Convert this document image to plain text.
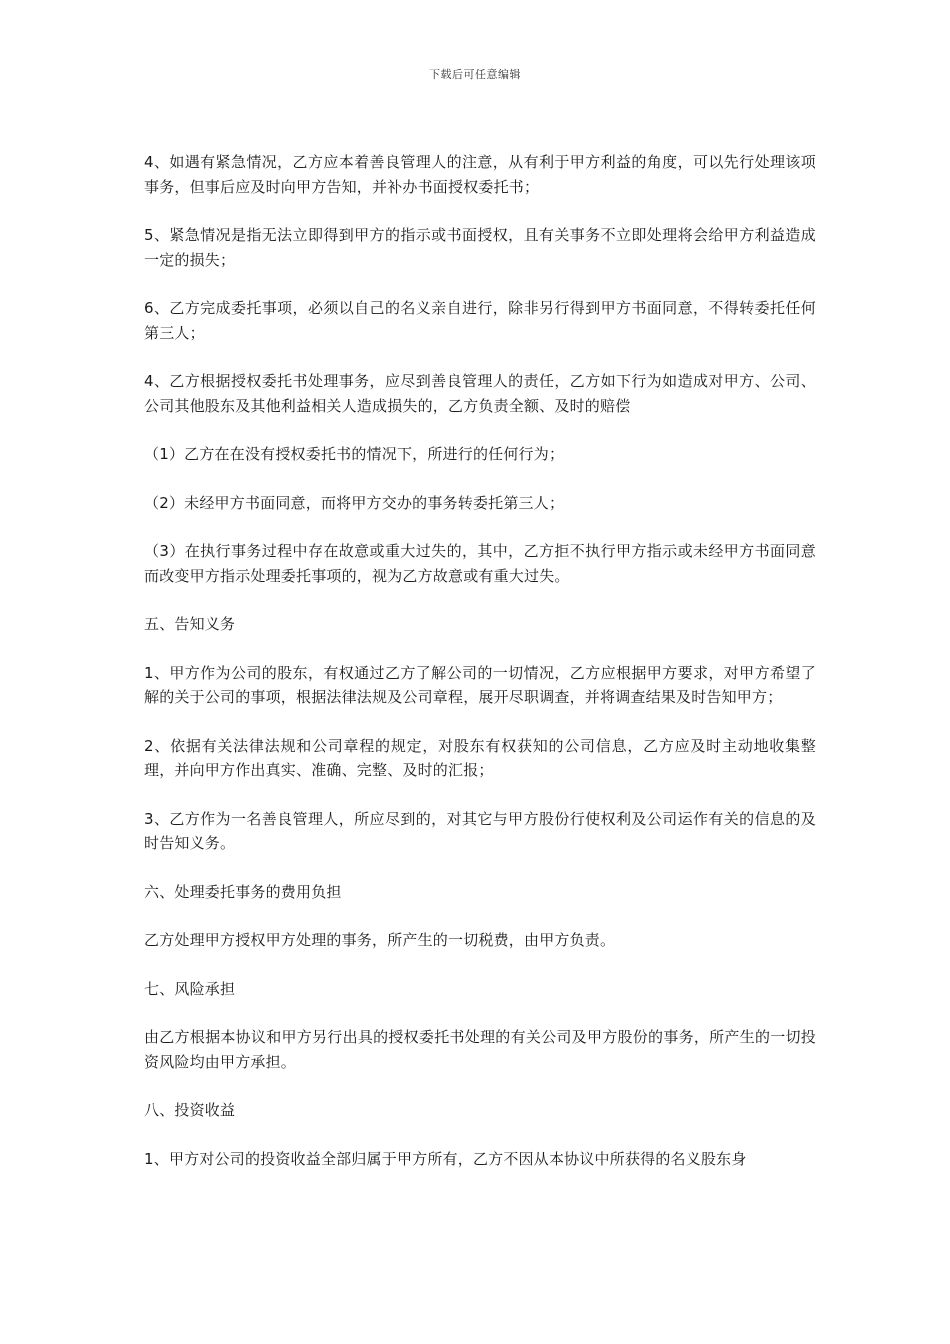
下载后可任意编辑

4、如遇有紧急情况，乙方应本着善良管理人的注意，从有利于甲方利益的角度，可以先行处理该项事务，但事后应及时向甲方告知，并补办书面授权委托书；

5、紧急情况是指无法立即得到甲方的指示或书面授权，且有关事务不立即处理将会给甲方利益造成一定的损失；

6、乙方完成委托事项，必须以自己的名义亲自进行，除非另行得到甲方书面同意，不得转委托任何第三人；

4、乙方根据授权委托书处理事务，应尽到善良管理人的责任，乙方如下行为如造成对甲方、公司、公司其他股东及其他利益相关人造成损失的，乙方负责全额、及时的赔偿

（1）乙方在在没有授权委托书的情况下，所进行的任何行为；

（2）未经甲方书面同意，而将甲方交办的事务转委托第三人；

（3）在执行事务过程中存在故意或重大过失的，其中，乙方拒不执行甲方指示或未经甲方书面同意而改变甲方指示处理委托事项的，视为乙方故意或有重大过失。

五、告知义务

1、甲方作为公司的股东，有权通过乙方了解公司的一切情况，乙方应根据甲方要求，对甲方希望了解的关于公司的事项，根据法律法规及公司章程，展开尽职调查，并将调查结果及时告知甲方；

2、依据有关法律法规和公司章程的规定，对股东有权获知的公司信息，乙方应及时主动地收集整理，并向甲方作出真实、准确、完整、及时的汇报；

3、乙方作为一名善良管理人，所应尽到的，对其它与甲方股份行使权利及公司运作有关的信息的及时告知义务。

六、处理委托事务的费用负担

乙方处理甲方授权甲方处理的事务，所产生的一切税费，由甲方负责。

七、风险承担

由乙方根据本协议和甲方另行出具的授权委托书处理的有关公司及甲方股份的事务，所产生的一切投资风险均由甲方承担。

八、投资收益

1、甲方对公司的投资收益全部归属于甲方所有，乙方不因从本协议中所获得的名义股东身
